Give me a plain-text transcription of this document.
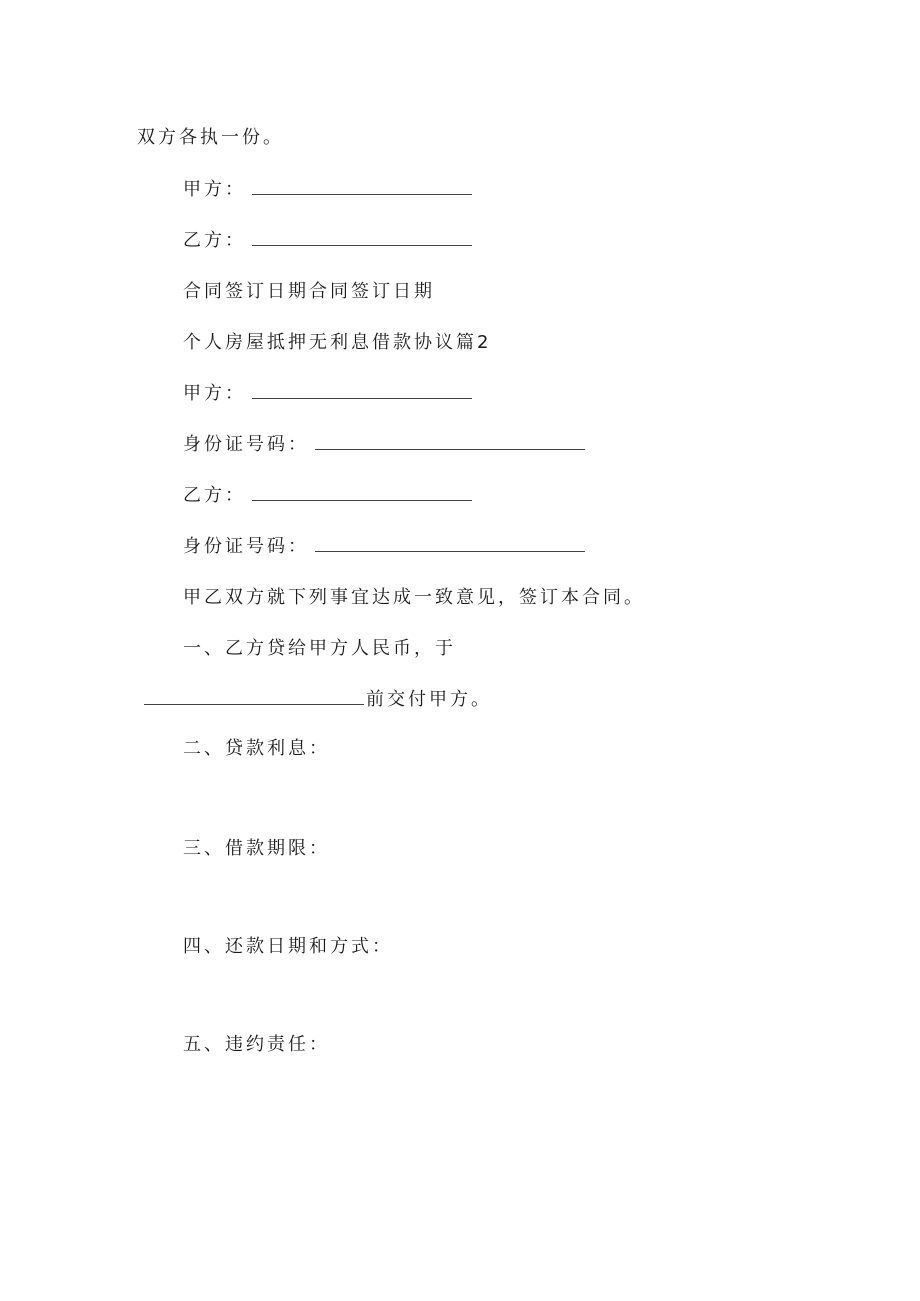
双方各执一份。
甲方：
乙方：
合同签订日期合同签订日期
个人房屋抵押无利息借款协议篇2
甲方：
身份证号码：
乙方：
身份证号码：
甲乙双方就下列事宜达成一致意见，签订本合同。
一、乙方贷给甲方人民币，于
前交付甲方。
二、贷款利息：
三、借款期限：
四、还款日期和方式：
五、违约责任：
